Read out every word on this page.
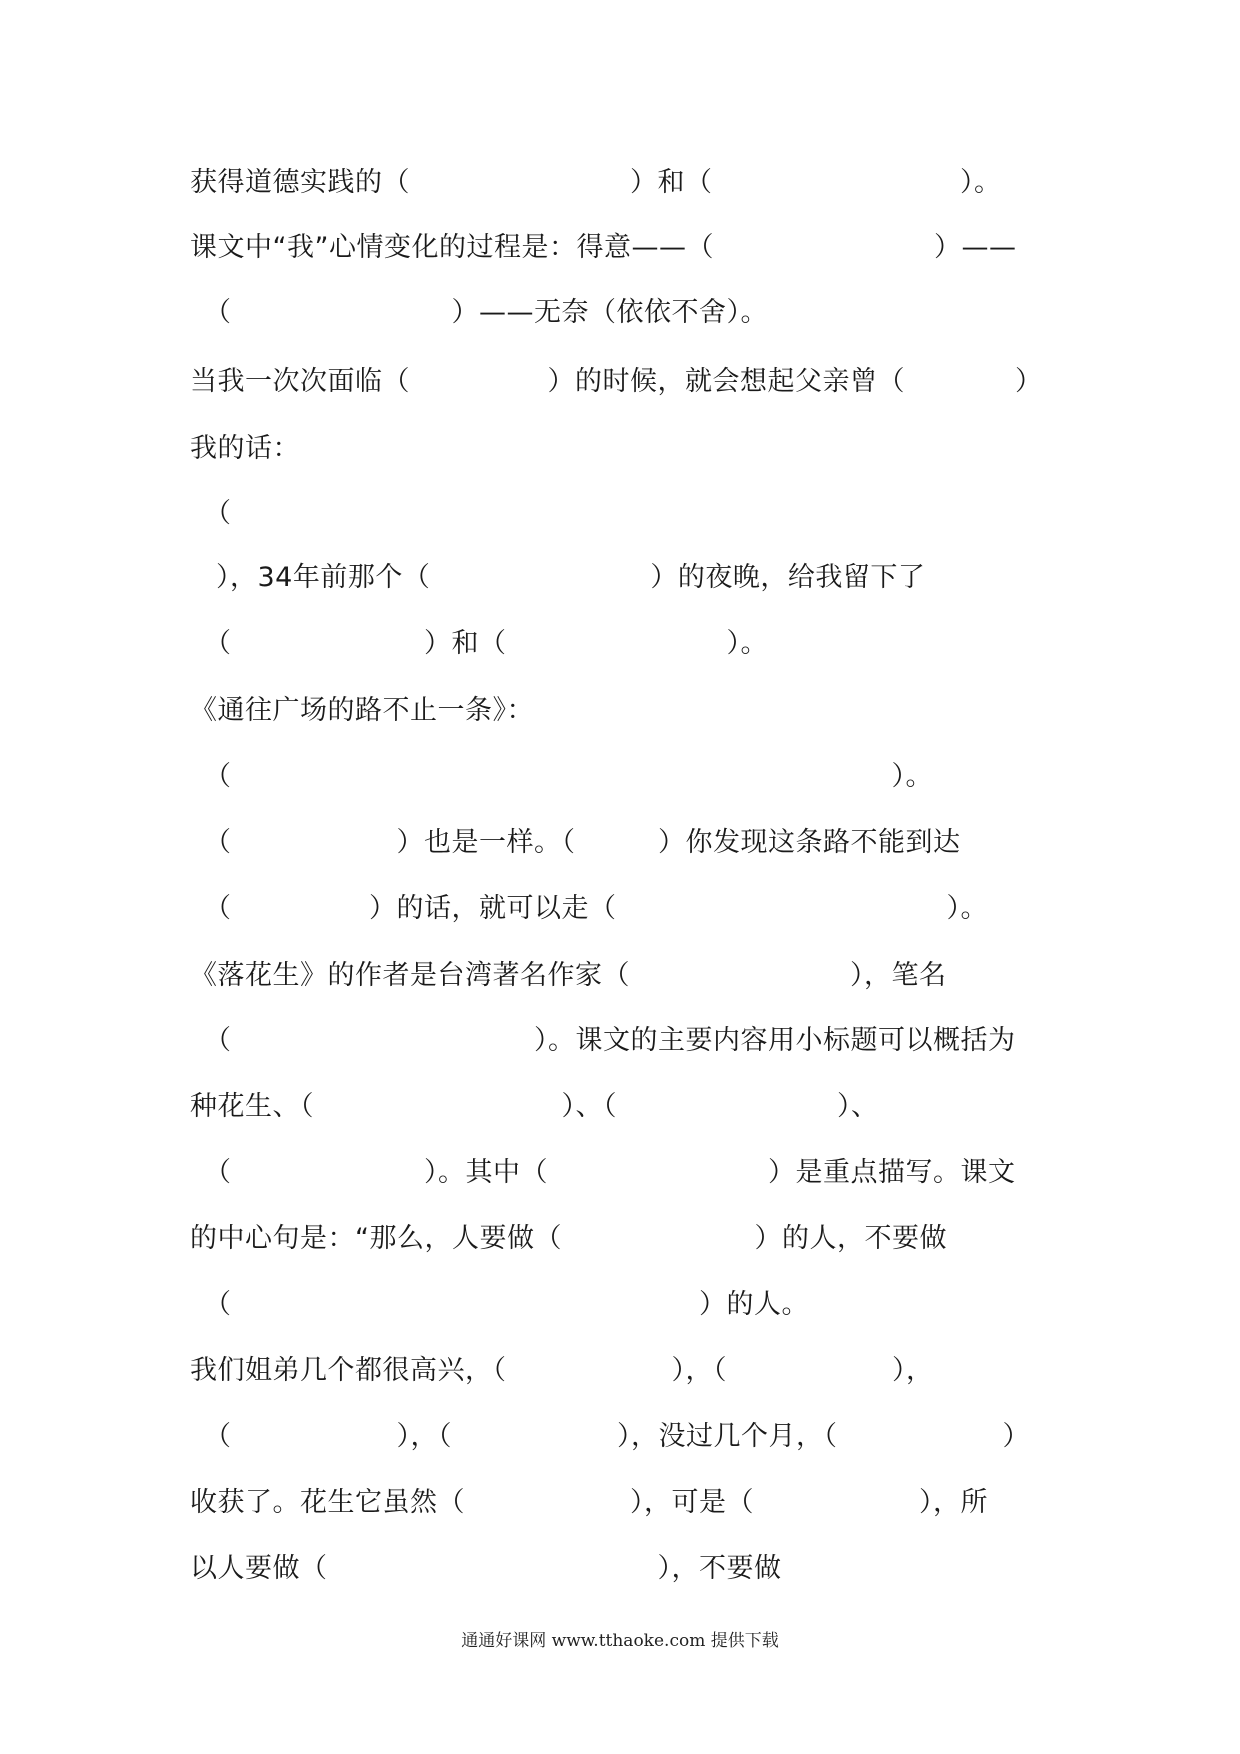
获得道德实践的（　　　　　　　　）和（　　　　　　　　　）。
课文中“我”心情变化的过程是：得意——（　　　　　　　　）——
（　　　　　　　　）——无奈（依依不舍）。
当我一次次面临（　　　　　）的时候，就会想起父亲曾（　　　　）
我的话：
（
），34年前那个（　　　　　　　　）的夜晚，给我留下了
（　　　　　　　）和（　　　　　　　　）。
《通往广场的路不止一条》：
（　　　　　　　　　　　　　　　　　　　　　　　　）。
（　　　　　　）也是一样。（　　　）你发现这条路不能到达
（　　　　　）的话，就可以走（　　　　　　　　　　　　）。
《落花生》的作者是台湾著名作家（　　　　　　　　），笔名
（　　　　　　　　　　　）。课文的主要内容用小标题可以概括为
种花生、（　　　　　　　　　）、（　　　　　　　　）、
（　　　　　　　）。其中（　　　　　　　　）是重点描写。课文
的中心句是：“那么，人要做（　　　　　　　）的人，不要做
（　　　　　　　　　　　　　　　　　）的人。
我们姐弟几个都很高兴，（　　　　　　），（　　　　　　），
（　　　　　　），（　　　　　　），没过几个月，（　　　　　　）
收获了。花生它虽然（　　　　　　），可是（　　　　　　），所
以人要做（　　　　　　　　　　　　），不要做
通通好课网 www.tthaoke.com 提供下载
